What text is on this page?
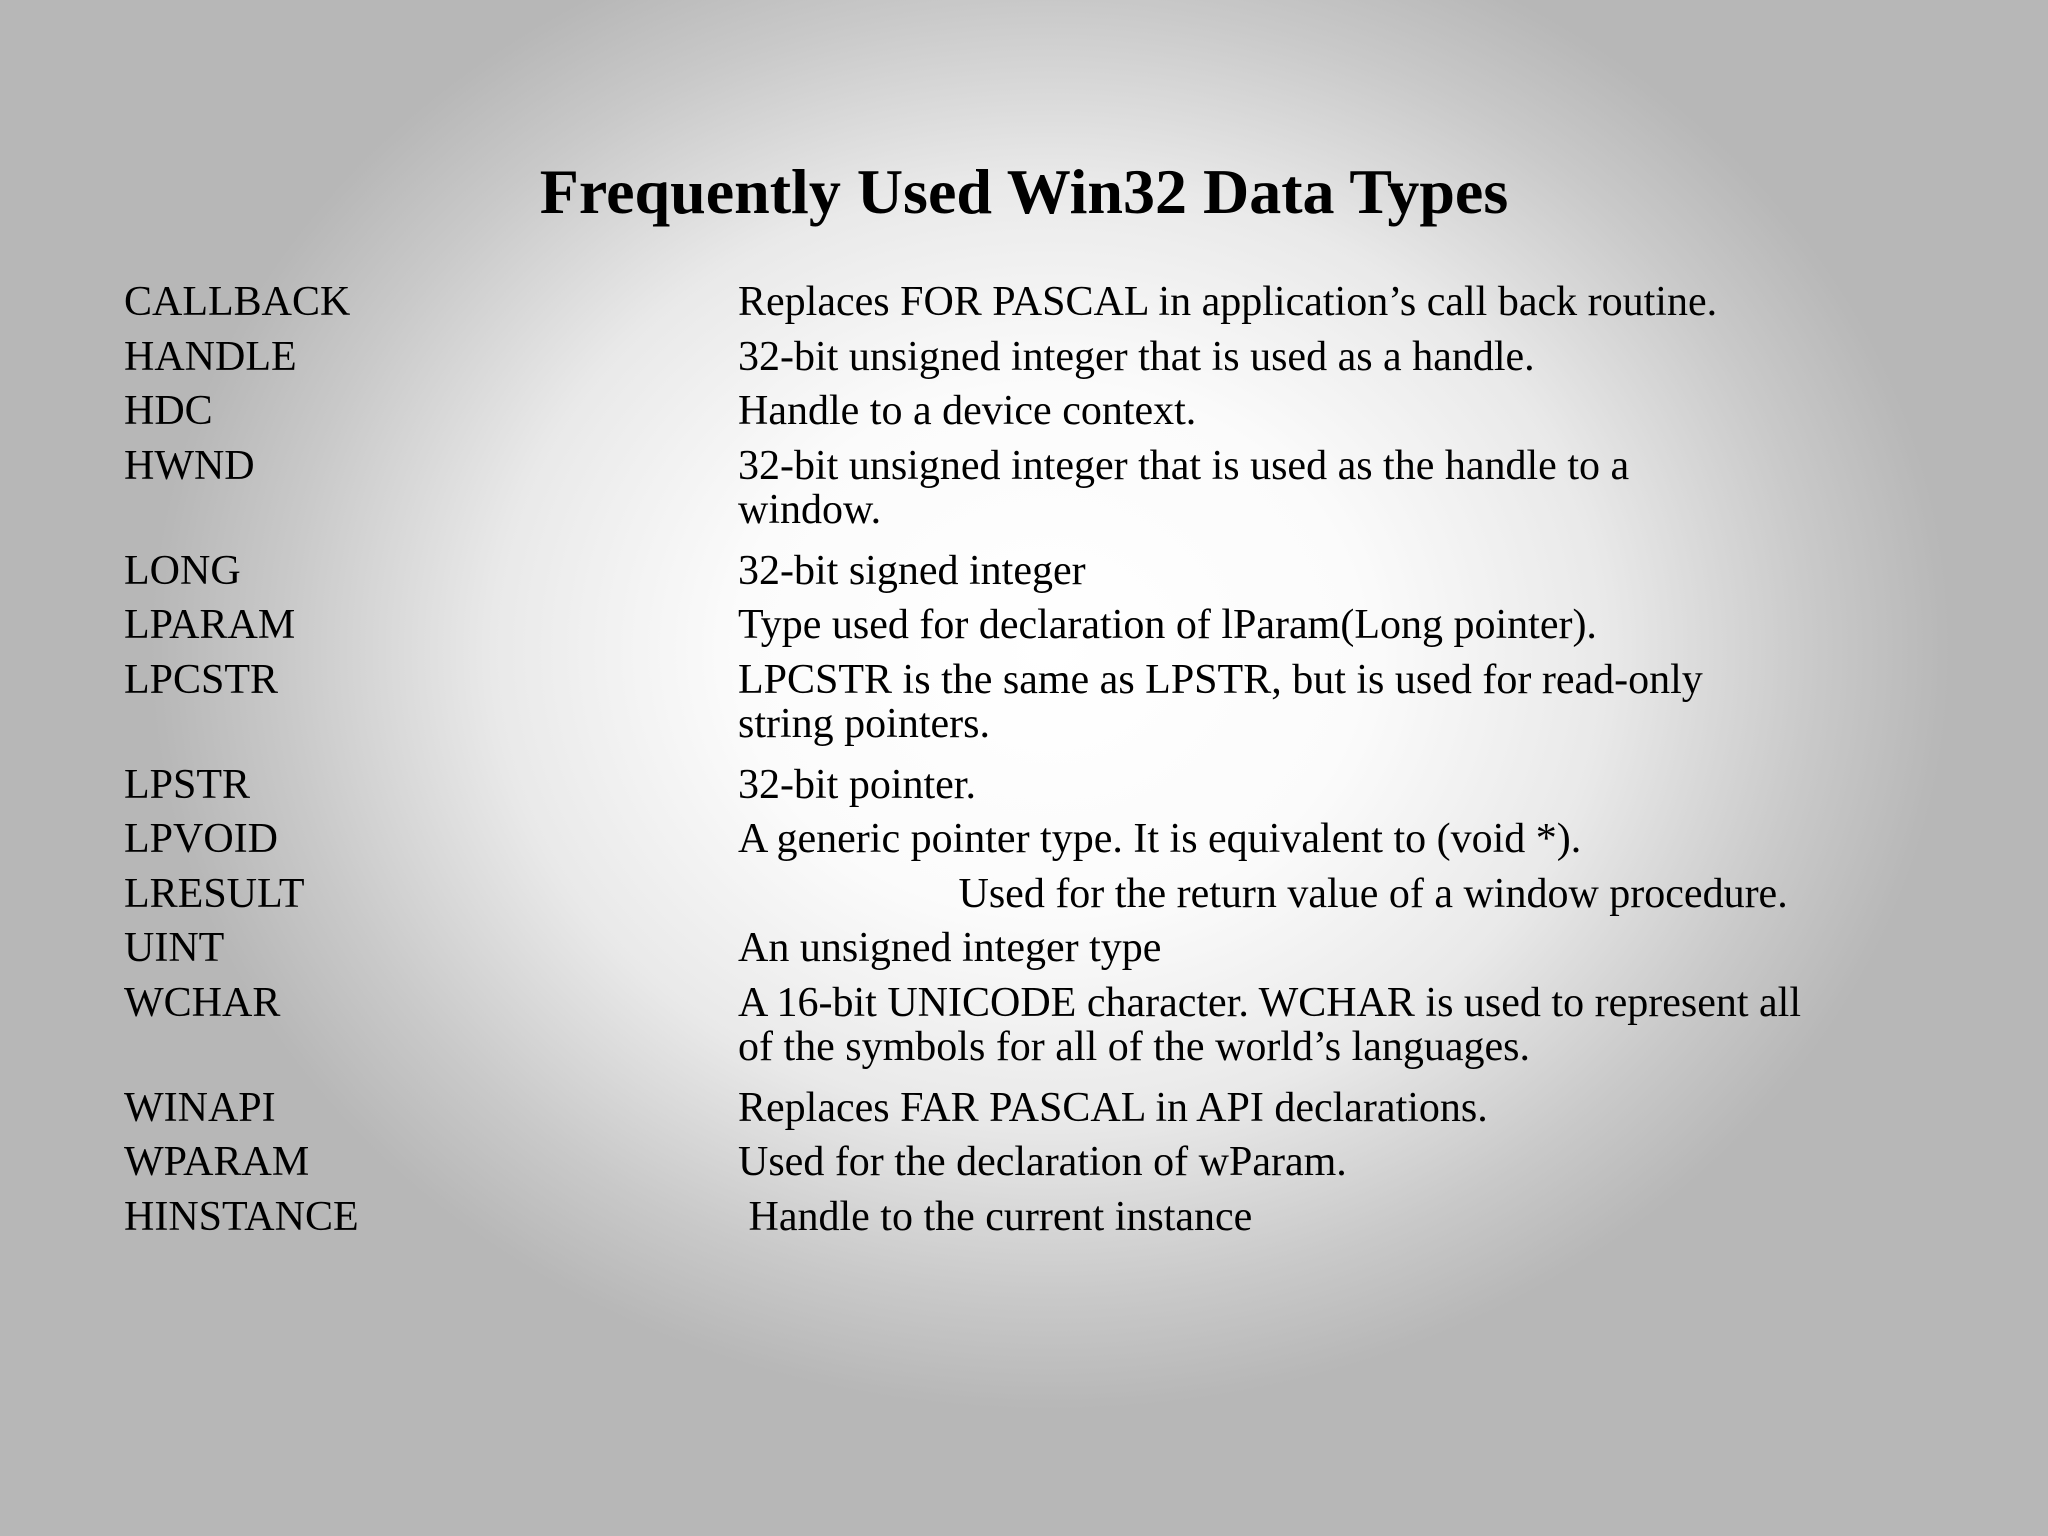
Frequently Used Win32 Data Types
CALLBACK	Replaces FOR PASCAL in application’s call back routine.
HANDLE	32-bit unsigned integer that is used as a handle.
HDC	Handle to a device context.
HWND	32-bit unsigned integer that is used as the handle to a
window.
LONG	32-bit signed integer
LPARAM	Type used for declaration of lParam(Long pointer).
LPCSTR	LPCSTR is the same as LPSTR, but is used for read-only
string pointers.
LPSTR	32-bit pointer.
LPVOID	A generic pointer type. It is equivalent to (void *).
LRESULT	Used for the return value of a window procedure.
UINT	An unsigned integer type
WCHAR	A 16-bit UNICODE character. WCHAR is used to represent all
of the symbols for all of the world’s languages.
WINAPI	Replaces FAR PASCAL in API declarations.
WPARAM	Used for the declaration of wParam.
HINSTANCE	Handle to the current instance
